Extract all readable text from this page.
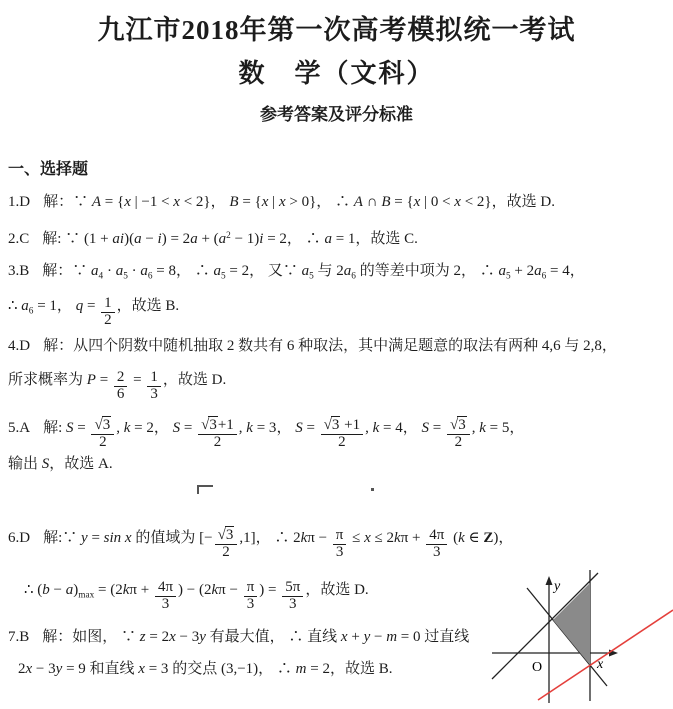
九江市2018年第一次高考模拟统一考试
数　学（文科）
参考答案及评分标准
一、选择题
1.D 解：∵ A = {x | −1 < x < 2}， B = {x | x > 0}， ∴ A ∩ B = {x | 0 < x < 2}，故选 D.
2.C 解: ∵ $(1 + ai)(a - i) = 2a + (a^2 - 1)i = 2$， ∴ a = 1，故选 C.
3.B 解：∵ $a_4 \cdot a_5 \cdot a_6 = 8$， ∴ $a_5 = 2$， 又∵ $a_5$ 与 $2a_6$ 的等差中项为 2， ∴ $a_5 + 2a_6 = 4$，
∴ $a_6 = 1$， $q = \frac{1}{2}$ ，故选 B.
4.D 解：从四个阴数中随机抽取 2 数共有 6 种取法，其中满足题意的取法有两种 4,6 与 2,8，
所求概率为 $P = \frac{2}{6} = \frac{1}{3}$ ，故选 D.
5.A 解: $S = \frac{√3}{2}$ , k = 2， $S = \frac{√3+1}{2}$ , k = 3， $S = \frac{√3 +1}{2}$ , k = 4， $S = \frac{√3}{2}$ , k = 5，
输出 S，故选 A.
6.D 解:∵ y = sin x 的值域为 [− $\frac{√3}{2} ,1$]， ∴ $2k\pi - \frac{\pi}{3} \le x \le 2k\pi + \frac{4\pi}{3} (k$ ∈ Z)，
∴ $(b - a)_{max} = (2k\pi + \frac{4\pi}{3}$ ) − ($2k\pi - \frac{\pi}{3}$ ) = $\frac{5\pi}{3}$ ，故选 D.
7.B 解：如图， ∵ z = 2x − 3y 有最大值， ∴ 直线 x + y − m = 0 过直线
2x − 3y = 9 和直线 x = 3 的交点 (3,−1)， ∴ m = 2，故选 B.	O	x
y
